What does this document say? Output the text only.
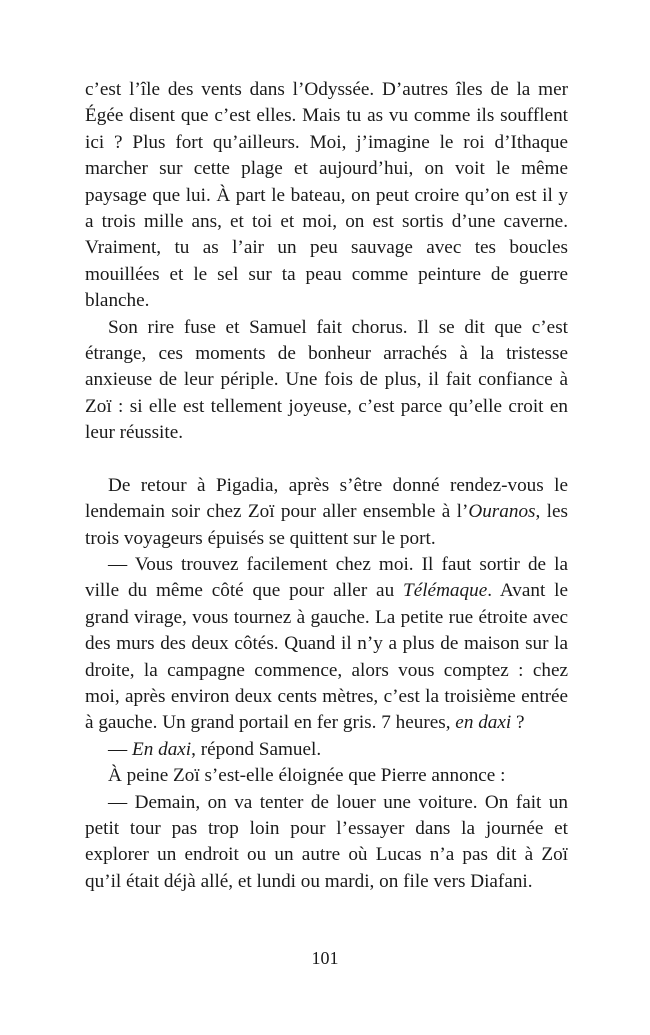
c’est l’île des vents dans l’Odyssée. D’autres îles de la mer Égée disent que c’est elles. Mais tu as vu comme ils soufflent ici ? Plus fort qu’ailleurs. Moi, j’imagine le roi d’Ithaque marcher sur cette plage et aujourd’hui, on voit le même paysage que lui. À part le bateau, on peut croire qu’on est il y a trois mille ans, et toi et moi, on est sortis d’une caverne. Vraiment, tu as l’air un peu sauvage avec tes boucles mouillées et le sel sur ta peau comme peinture de guerre blanche.

Son rire fuse et Samuel fait chorus. Il se dit que c’est étrange, ces moments de bonheur arrachés à la tristesse anxieuse de leur périple. Une fois de plus, il fait confiance à Zoï : si elle est tellement joyeuse, c’est parce qu’elle croit en leur réussite.

De retour à Pigadia, après s’être donné rendez-vous le lendemain soir chez Zoï pour aller ensemble à l’Ouranos, les trois voyageurs épuisés se quittent sur le port.

— Vous trouvez facilement chez moi. Il faut sortir de la ville du même côté que pour aller au Télémaque. Avant le grand virage, vous tournez à gauche. La petite rue étroite avec des murs des deux côtés. Quand il n’y a plus de maison sur la droite, la campagne commence, alors vous comptez : chez moi, après environ deux cents mètres, c’est la troisième entrée à gauche. Un grand portail en fer gris. 7 heures, en daxi ?

— En daxi, répond Samuel.

À peine Zoï s’est-elle éloignée que Pierre annonce :

— Demain, on va tenter de louer une voiture. On fait un petit tour pas trop loin pour l’essayer dans la journée et explorer un endroit ou un autre où Lucas n’a pas dit à Zoï qu’il était déjà allé, et lundi ou mardi, on file vers Diafani.

101
